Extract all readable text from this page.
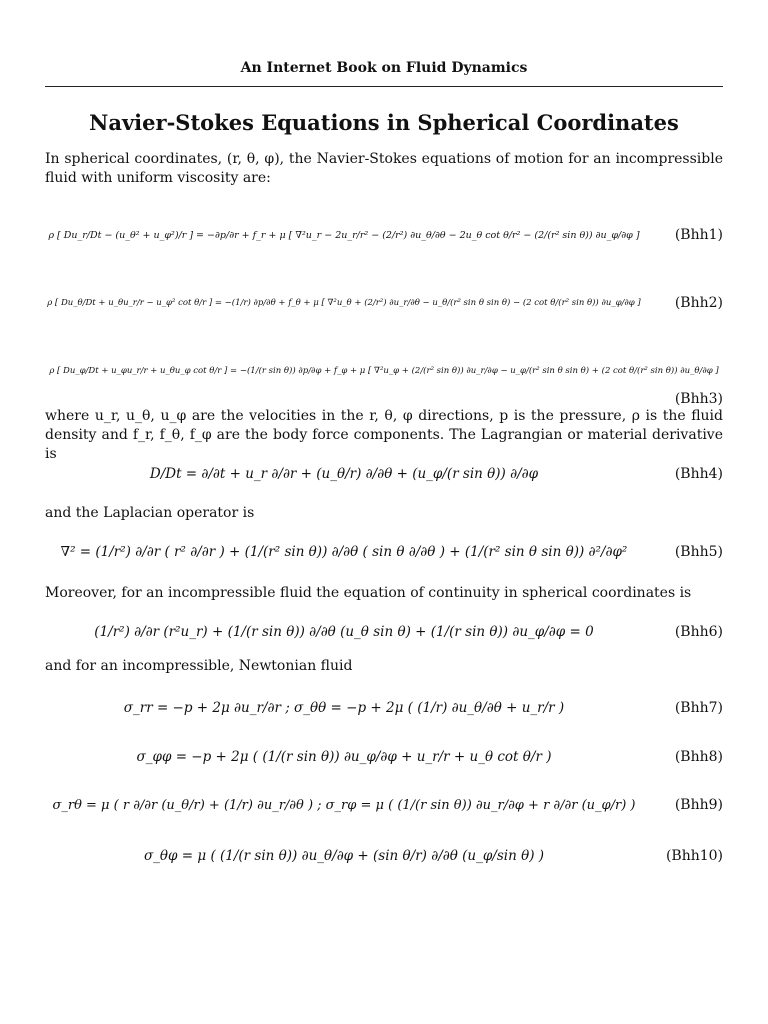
An Internet Book on Fluid Dynamics
Navier-Stokes Equations in Spherical Coordinates
In spherical coordinates, (r, θ, φ), the Navier-Stokes equations of motion for an incompressible fluid with uniform viscosity are:
ρ [ Du_r/Dt − (u_θ² + u_φ²)/r ] = −∂p/∂r + f_r + μ [ ∇²u_r − 2u_r/r² − (2/r²) ∂u_θ/∂θ − 2u_θ cot θ/r² − (2/(r² sin θ)) ∂u_φ/∂φ ]	(Bhh1)
ρ [ Du_θ/Dt + u_θu_r/r − u_φ² cot θ/r ] = −(1/r) ∂p/∂θ + f_θ + μ [ ∇²u_θ + (2/r²) ∂u_r/∂θ − u_θ/(r² sin θ sin θ) − (2 cot θ/(r² sin θ)) ∂u_φ/∂φ ]	(Bhh2)
ρ [ Du_φ/Dt + u_φu_r/r + u_θu_φ cot θ/r ] = −(1/(r sin θ)) ∂p/∂φ + f_φ + μ [ ∇²u_φ + (2/(r² sin θ)) ∂u_r/∂φ − u_φ/(r² sin θ sin θ) + (2 cot θ/(r² sin θ)) ∂u_θ/∂φ ]
(Bhh3)
where u_r, u_θ, u_φ are the velocities in the r, θ, φ directions, p is the pressure, ρ is the fluid density and f_r, f_θ, f_φ are the body force components. The Lagrangian or material derivative is
D/Dt = ∂/∂t + u_r ∂/∂r + (u_θ/r) ∂/∂θ + (u_φ/(r sin θ)) ∂/∂φ	(Bhh4)
and the Laplacian operator is
∇² = (1/r²) ∂/∂r ( r² ∂/∂r ) + (1/(r² sin θ)) ∂/∂θ ( sin θ ∂/∂θ ) + (1/(r² sin θ sin θ)) ∂²/∂φ²	(Bhh5)
Moreover, for an incompressible fluid the equation of continuity in spherical coordinates is
(1/r²) ∂/∂r (r²u_r) + (1/(r sin θ)) ∂/∂θ (u_θ sin θ) + (1/(r sin θ)) ∂u_φ/∂φ = 0	(Bhh6)
and for an incompressible, Newtonian fluid
σ_rr = −p + 2μ ∂u_r/∂r ; σ_θθ = −p + 2μ ( (1/r) ∂u_θ/∂θ + u_r/r )	(Bhh7)
σ_φφ = −p + 2μ ( (1/(r sin θ)) ∂u_φ/∂φ + u_r/r + u_θ cot θ/r )	(Bhh8)
σ_rθ = μ ( r ∂/∂r (u_θ/r) + (1/r) ∂u_r/∂θ ) ; σ_rφ = μ ( (1/(r sin θ)) ∂u_r/∂φ + r ∂/∂r (u_φ/r) )	(Bhh9)
σ_θφ = μ ( (1/(r sin θ)) ∂u_θ/∂φ + (sin θ/r) ∂/∂θ (u_φ/sin θ) )	(Bhh10)
